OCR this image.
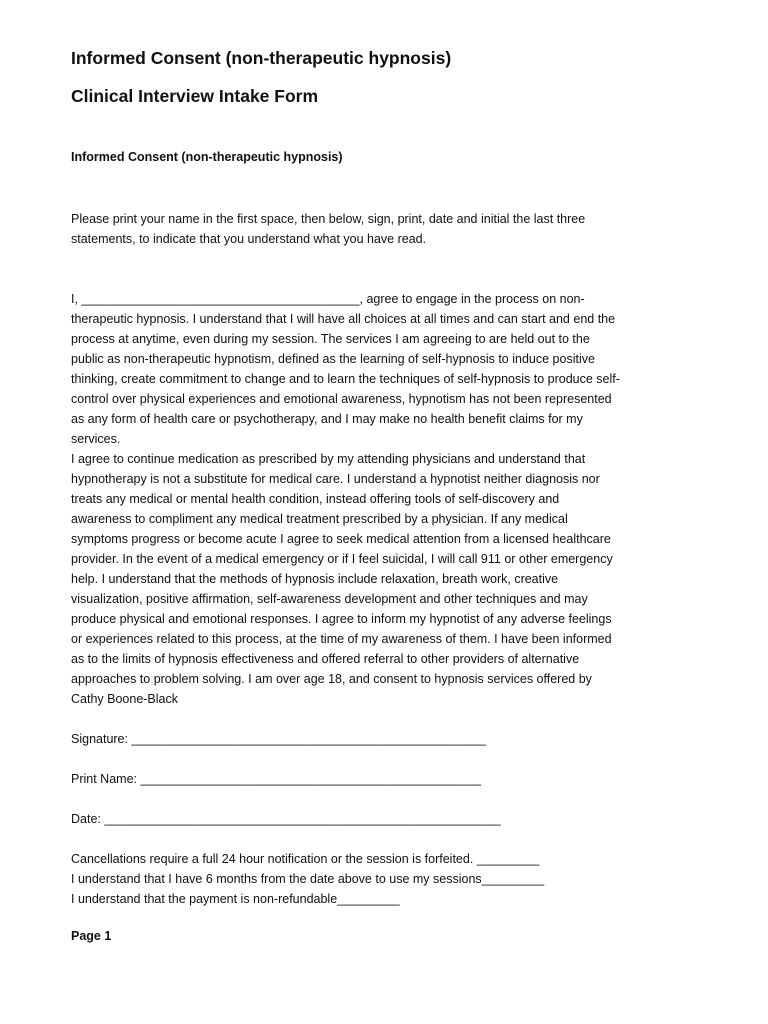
Informed Consent (non-therapeutic hypnosis)
Clinical Interview Intake Form
Informed Consent (non-therapeutic hypnosis)

Please print your name in the first space, then below, sign, print, date and initial the last three statements, to indicate that you understand what you have read.

I, ________________________________________, agree to engage in the process on non-therapeutic hypnosis. I understand that I will have all choices at all times and can start and end the process at anytime, even during my session. The services I am agreeing to are held out to the public as non-therapeutic hypnotism, defined as the learning of self-hypnosis to induce positive thinking, create commitment to change and to learn the techniques of self-hypnosis to produce self-control over physical experiences and emotional awareness, hypnotism has not been represented as any form of health care or psychotherapy, and I may make no health benefit claims for my services.

I agree to continue medication as prescribed by my attending physicians and understand that hypnotherapy is not a substitute for medical care. I understand a hypnotist neither diagnosis nor treats any medical or mental health condition, instead offering tools of self-discovery and awareness to compliment any medical treatment prescribed by a physician. If any medical symptoms progress or become acute I agree to seek medical attention from a licensed healthcare provider. In the event of a medical emergency or if I feel suicidal, I will call 911 or other emergency help. I understand that the methods of hypnosis include relaxation, breath work, creative visualization, positive affirmation, self-awareness development and other techniques and may produce physical and emotional responses. I agree to inform my hypnotist of any adverse feelings or experiences related to this process, at the time of my awareness of them. I have been informed as to the limits of hypnosis effectiveness and offered referral to other providers of alternative approaches to problem solving. I am over age 18, and consent to hypnosis services offered by Cathy Boone-Black

Signature: ___________________________________________________
Print Name: _________________________________________________
Date: _________________________________________________________
Cancellations require a full 24 hour notification or the session is forfeited. _________
I understand that I have 6 months from the date above to use my sessions_________
I understand that the payment is non-refundable_________
Page 1
